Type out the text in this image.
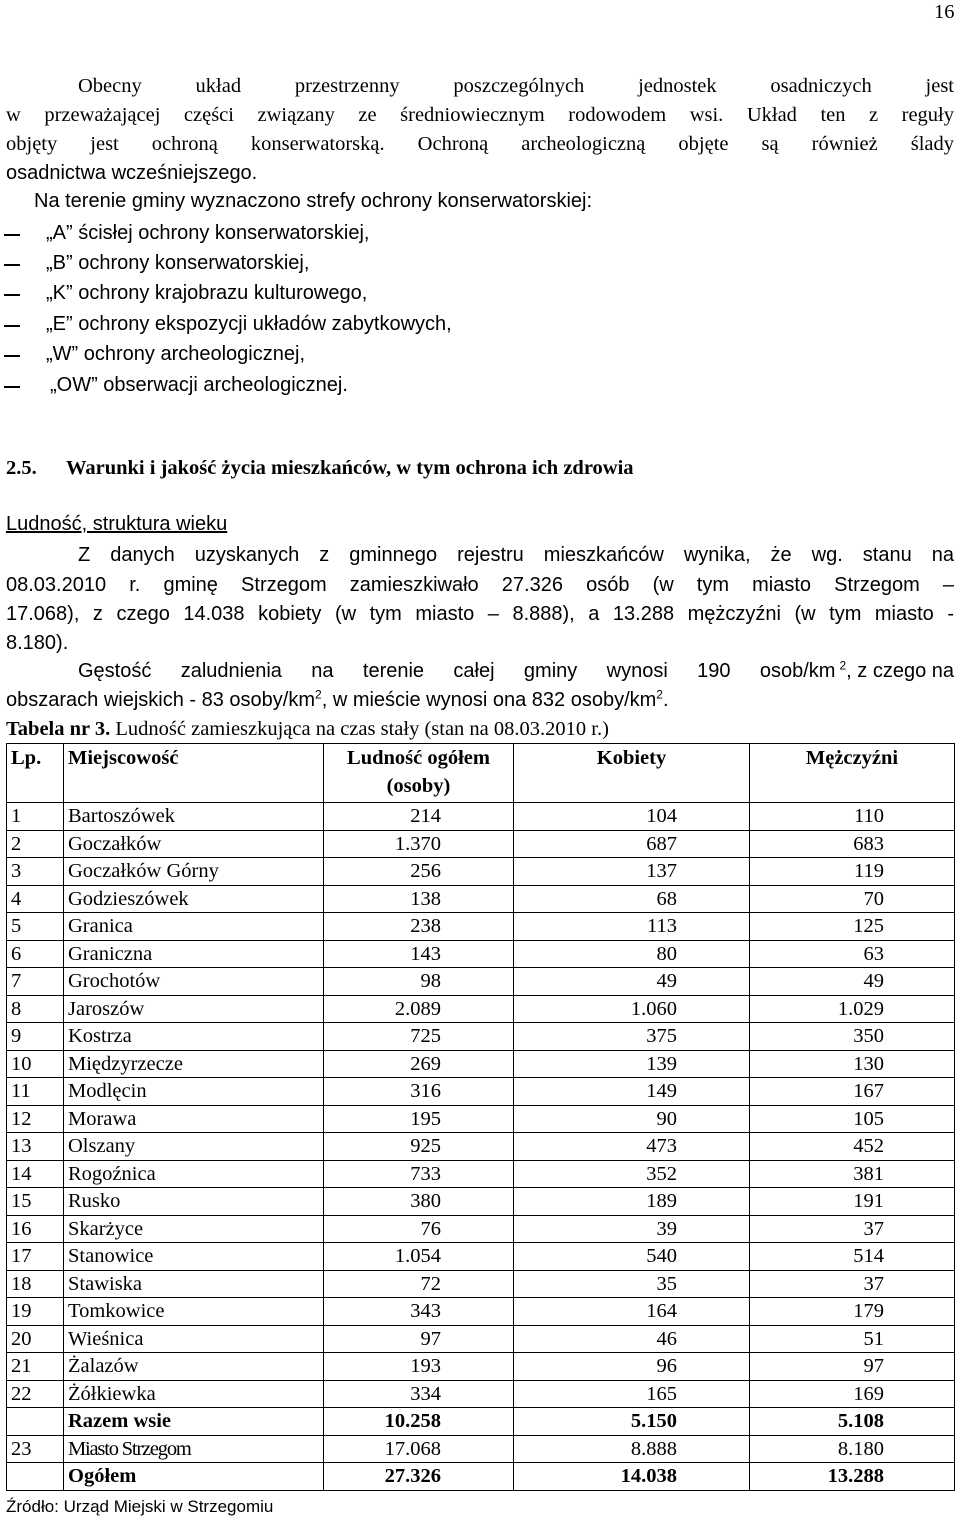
16
Obecny układ przestrzenny poszczególnych jednostek osadniczych jest
w przeważającej części związany ze średniowiecznym rodowodem wsi. Układ ten z reguły
objęty jest ochroną konserwatorską. Ochroną archeologiczną objęte są również ślady
osadnictwa wcześniejszego.
Na terenie gminy wyznaczono strefy ochrony konserwatorskiej:
„A” ścisłej ochrony konserwatorskiej,
„B” ochrony konserwatorskiej,
„K” ochrony krajobrazu kulturowego,
„E” ochrony ekspozycji układów zabytkowych,
„W” ochrony archeologicznej,
„OW” obserwacji archeologicznej.
2.5. Warunki i jakość życia mieszkańców, w tym ochrona ich zdrowia
Ludność, struktura wieku
Z danych uzyskanych z gminnego rejestru mieszkańców wynika, że wg. stanu na
08.03.2010 r. gminę Strzegom zamieszkiwało 27.326 osób (w tym miasto Strzegom –
17.068), z czego 14.038 kobiety (w tym miasto – 8.888), a 13.288 mężczyźni (w tym miasto -
8.180).
Gęstość zaludnienia na terenie całej gminy wynosi 190 osob/km $^2$, z czego na
obszarach wiejskich - 83 osoby/$km^2$, w mieście wynosi ona 832 osoby/$km^2$.
Tabela nr 3. Ludność zamieszkująca na czas stały (stan na 08.03.2010 r.)
Lp.	Miejscowość	Ludność ogółem (osoby)	Kobiety	Mężczyźni
1	Bartoszówek	214	104	110
2	Goczałków	1.370	687	683
3	Goczałków Górny	256	137	119
4	Godzieszówek	138	68	70
5	Granica	238	113	125
6	Graniczna	143	80	63
7	Grochotów	98	49	49
8	Jaroszów	2.089	1.060	1.029
9	Kostrza	725	375	350
10	Międzyrzecze	269	139	130
11	Modlęcin	316	149	167
12	Morawa	195	90	105
13	Olszany	925	473	452
14	Rogoźnica	733	352	381
15	Rusko	380	189	191
16	Skarżyce	76	39	37
17	Stanowice	1.054	540	514
18	Stawiska	72	35	37
19	Tomkowice	343	164	179
20	Wieśnica	97	46	51
21	Żalazów	193	96	97
22	Żółkiewka	334	165	169
	Razem wsie	10.258	5.150	5.108
23	Miasto Strzegom	17.068	8.888	8.180
	Ogółem	27.326	14.038	13.288
Źródło: Urząd Miejski w Strzegomiu
